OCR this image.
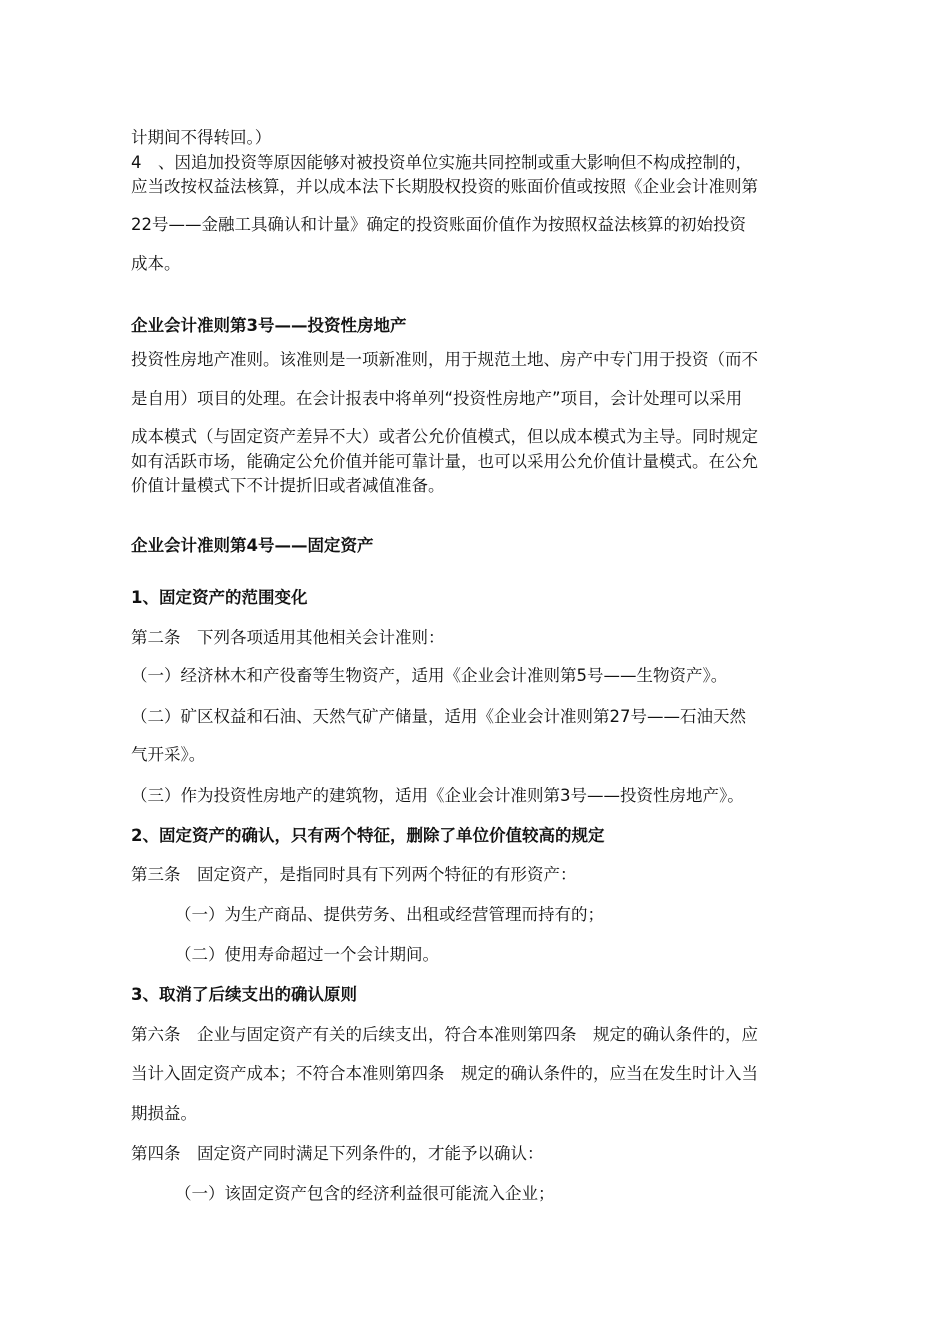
计期间不得转回。）

4　、因追加投资等原因能够对被投资单位实施共同控制或重大影响但不构成控制的，

应当改按权益法核算，并以成本法下长期股权投资的账面价值或按照《企业会计准则第

22号——金融工具确认和计量》确定的投资账面价值作为按照权益法核算的初始投资

成本。

企业会计准则第3号——投资性房地产

投资性房地产准则。该准则是一项新准则，用于规范土地、房产中专门用于投资（而不

是自用）项目的处理。在会计报表中将单列“投资性房地产”项目，会计处理可以采用

成本模式（与固定资产差异不大）或者公允价值模式，但以成本模式为主导。同时规定

如有活跃市场，能确定公允价值并能可靠计量，也可以采用公允价值计量模式。在公允

价值计量模式下不计提折旧或者减值准备。

企业会计准则第4号——固定资产

1、固定资产的范围变化

第二条　下列各项适用其他相关会计准则：

（一）经济林木和产役畜等生物资产，适用《企业会计准则第5号——生物资产》。

（二）矿区权益和石油、天然气矿产储量，适用《企业会计准则第27号——石油天然

气开采》。

（三）作为投资性房地产的建筑物，适用《企业会计准则第3号——投资性房地产》。

2、固定资产的确认，只有两个特征，删除了单位价值较高的规定

第三条　固定资产，是指同时具有下列两个特征的有形资产：

（一）为生产商品、提供劳务、出租或经营管理而持有的；

（二）使用寿命超过一个会计期间。

3、取消了后续支出的确认原则

第六条　企业与固定资产有关的后续支出，符合本准则第四条　规定的确认条件的，应

当计入固定资产成本；不符合本准则第四条　规定的确认条件的，应当在发生时计入当

期损益。

第四条　固定资产同时满足下列条件的，才能予以确认：

（一）该固定资产包含的经济利益很可能流入企业；
